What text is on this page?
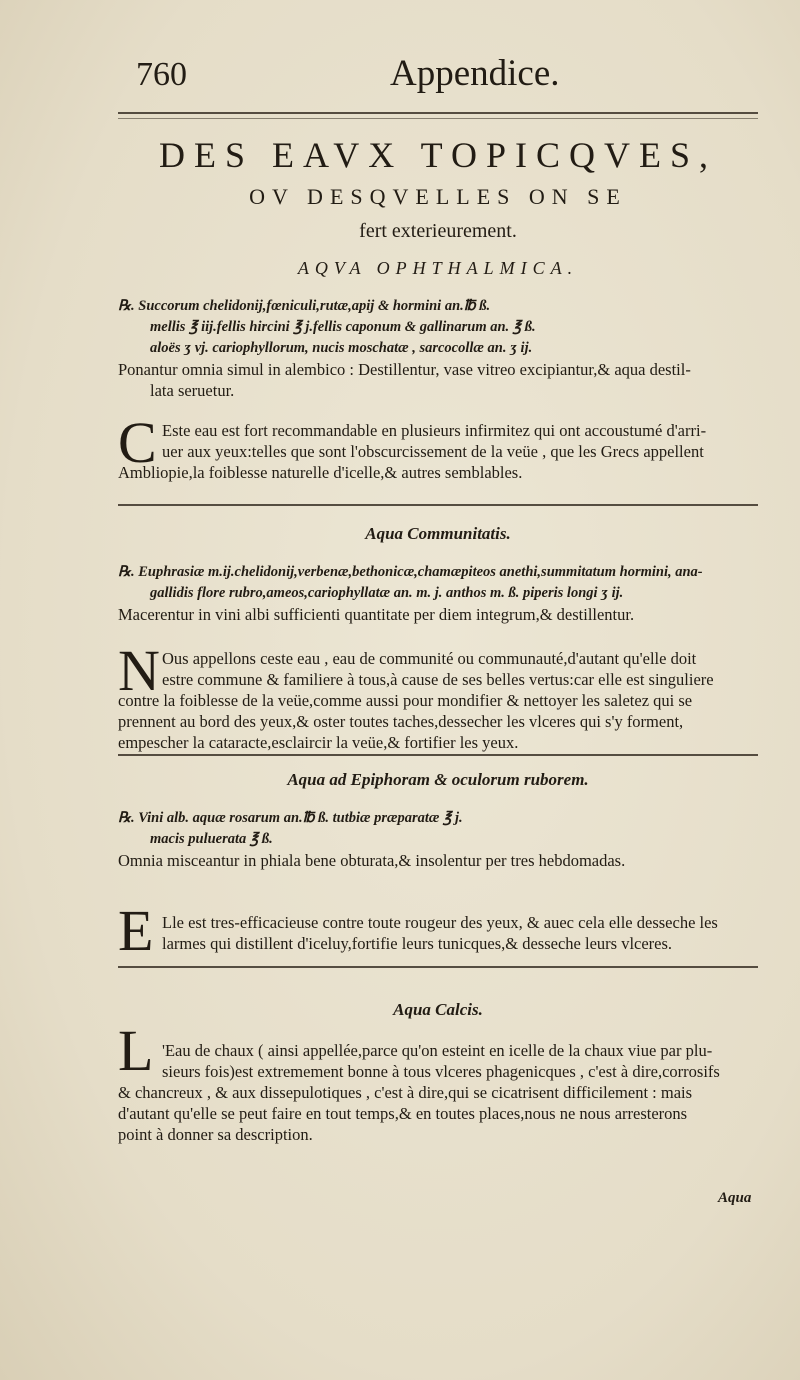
760	Appendice.
DES EAVX TOPICQVES,
OV DESQVELLES ON SE
fert exterieurement.
AQVA OPHTHALMICA.
℞. Succorum chelidonij,fœniculi,rutæ,apij & hormini an.℔ ß.
mellis ℥ iij.fellis hircini ℥ j.fellis caponum & gallinarum an. ℥ ß.
aloës ʒ vj. cariophyllorum, nucis moschatæ , sarcocollæ an. ʒ ij.
Ponantur omnia simul in alembico : Destillentur, vase vitreo excipiantur,& aqua destil-
lata seruetur.
C Este eau est fort recommandable en plusieurs infirmitez qui ont accoustumé d'arri-
uer aux yeux:telles que sont l'obscurcissement de la veüe , que les Grecs appellent
Ambliopie,la foiblesse naturelle d'icelle,& autres semblables.
Aqua Communitatis.
℞. Euphrasiæ m.ij.chelidonij,verbenæ,bethonicæ,chamæpiteos anethi,summitatum hormini, ana-
gallidis flore rubro,ameos,cariophyllatæ an. m. j. anthos m. ß. piperis longi ʒ ij.
Macerentur in vini albi sufficienti quantitate per diem integrum,& destillentur.
N Ous appellons ceste eau , eau de communité ou communauté,d'autant qu'elle doit
estre commune & familiere à tous,à cause de ses belles vertus:car elle est singuliere
contre la foiblesse de la veüe,comme aussi pour mondifier & nettoyer les saletez qui se
prennent au bord des yeux,& oster toutes taches,dessecher les vlceres qui s'y forment,
empescher la cataracte,esclaircir la veüe,& fortifier les yeux.
Aqua ad Epiphoram & oculorum ruborem.
℞. Vini alb. aquæ rosarum an.℔ ß. tutbiæ præparatæ ℥ j.
macis puluerata ℥ ß.
Omnia misceantur in phiala bene obturata,& insolentur per tres hebdomadas.
E Lle est tres-efficacieuse contre toute rougeur des yeux, & auec cela elle desseche les
larmes qui distillent d'iceluy,fortifie leurs tunicques,& desseche leurs vlceres.
Aqua Calcis.
L 'Eau de chaux ( ainsi appellée,parce qu'on esteint en icelle de la chaux viue par plu-
sieurs fois)est extremement bonne à tous vlceres phagenicques , c'est à dire,corrosifs
& chancreux , & aux dissepulotiques , c'est à dire,qui se cicatrisent difficilement : mais
d'autant qu'elle se peut faire en tout temps,& en toutes places,nous ne nous arresterons
point à donner sa description.
Aqua
